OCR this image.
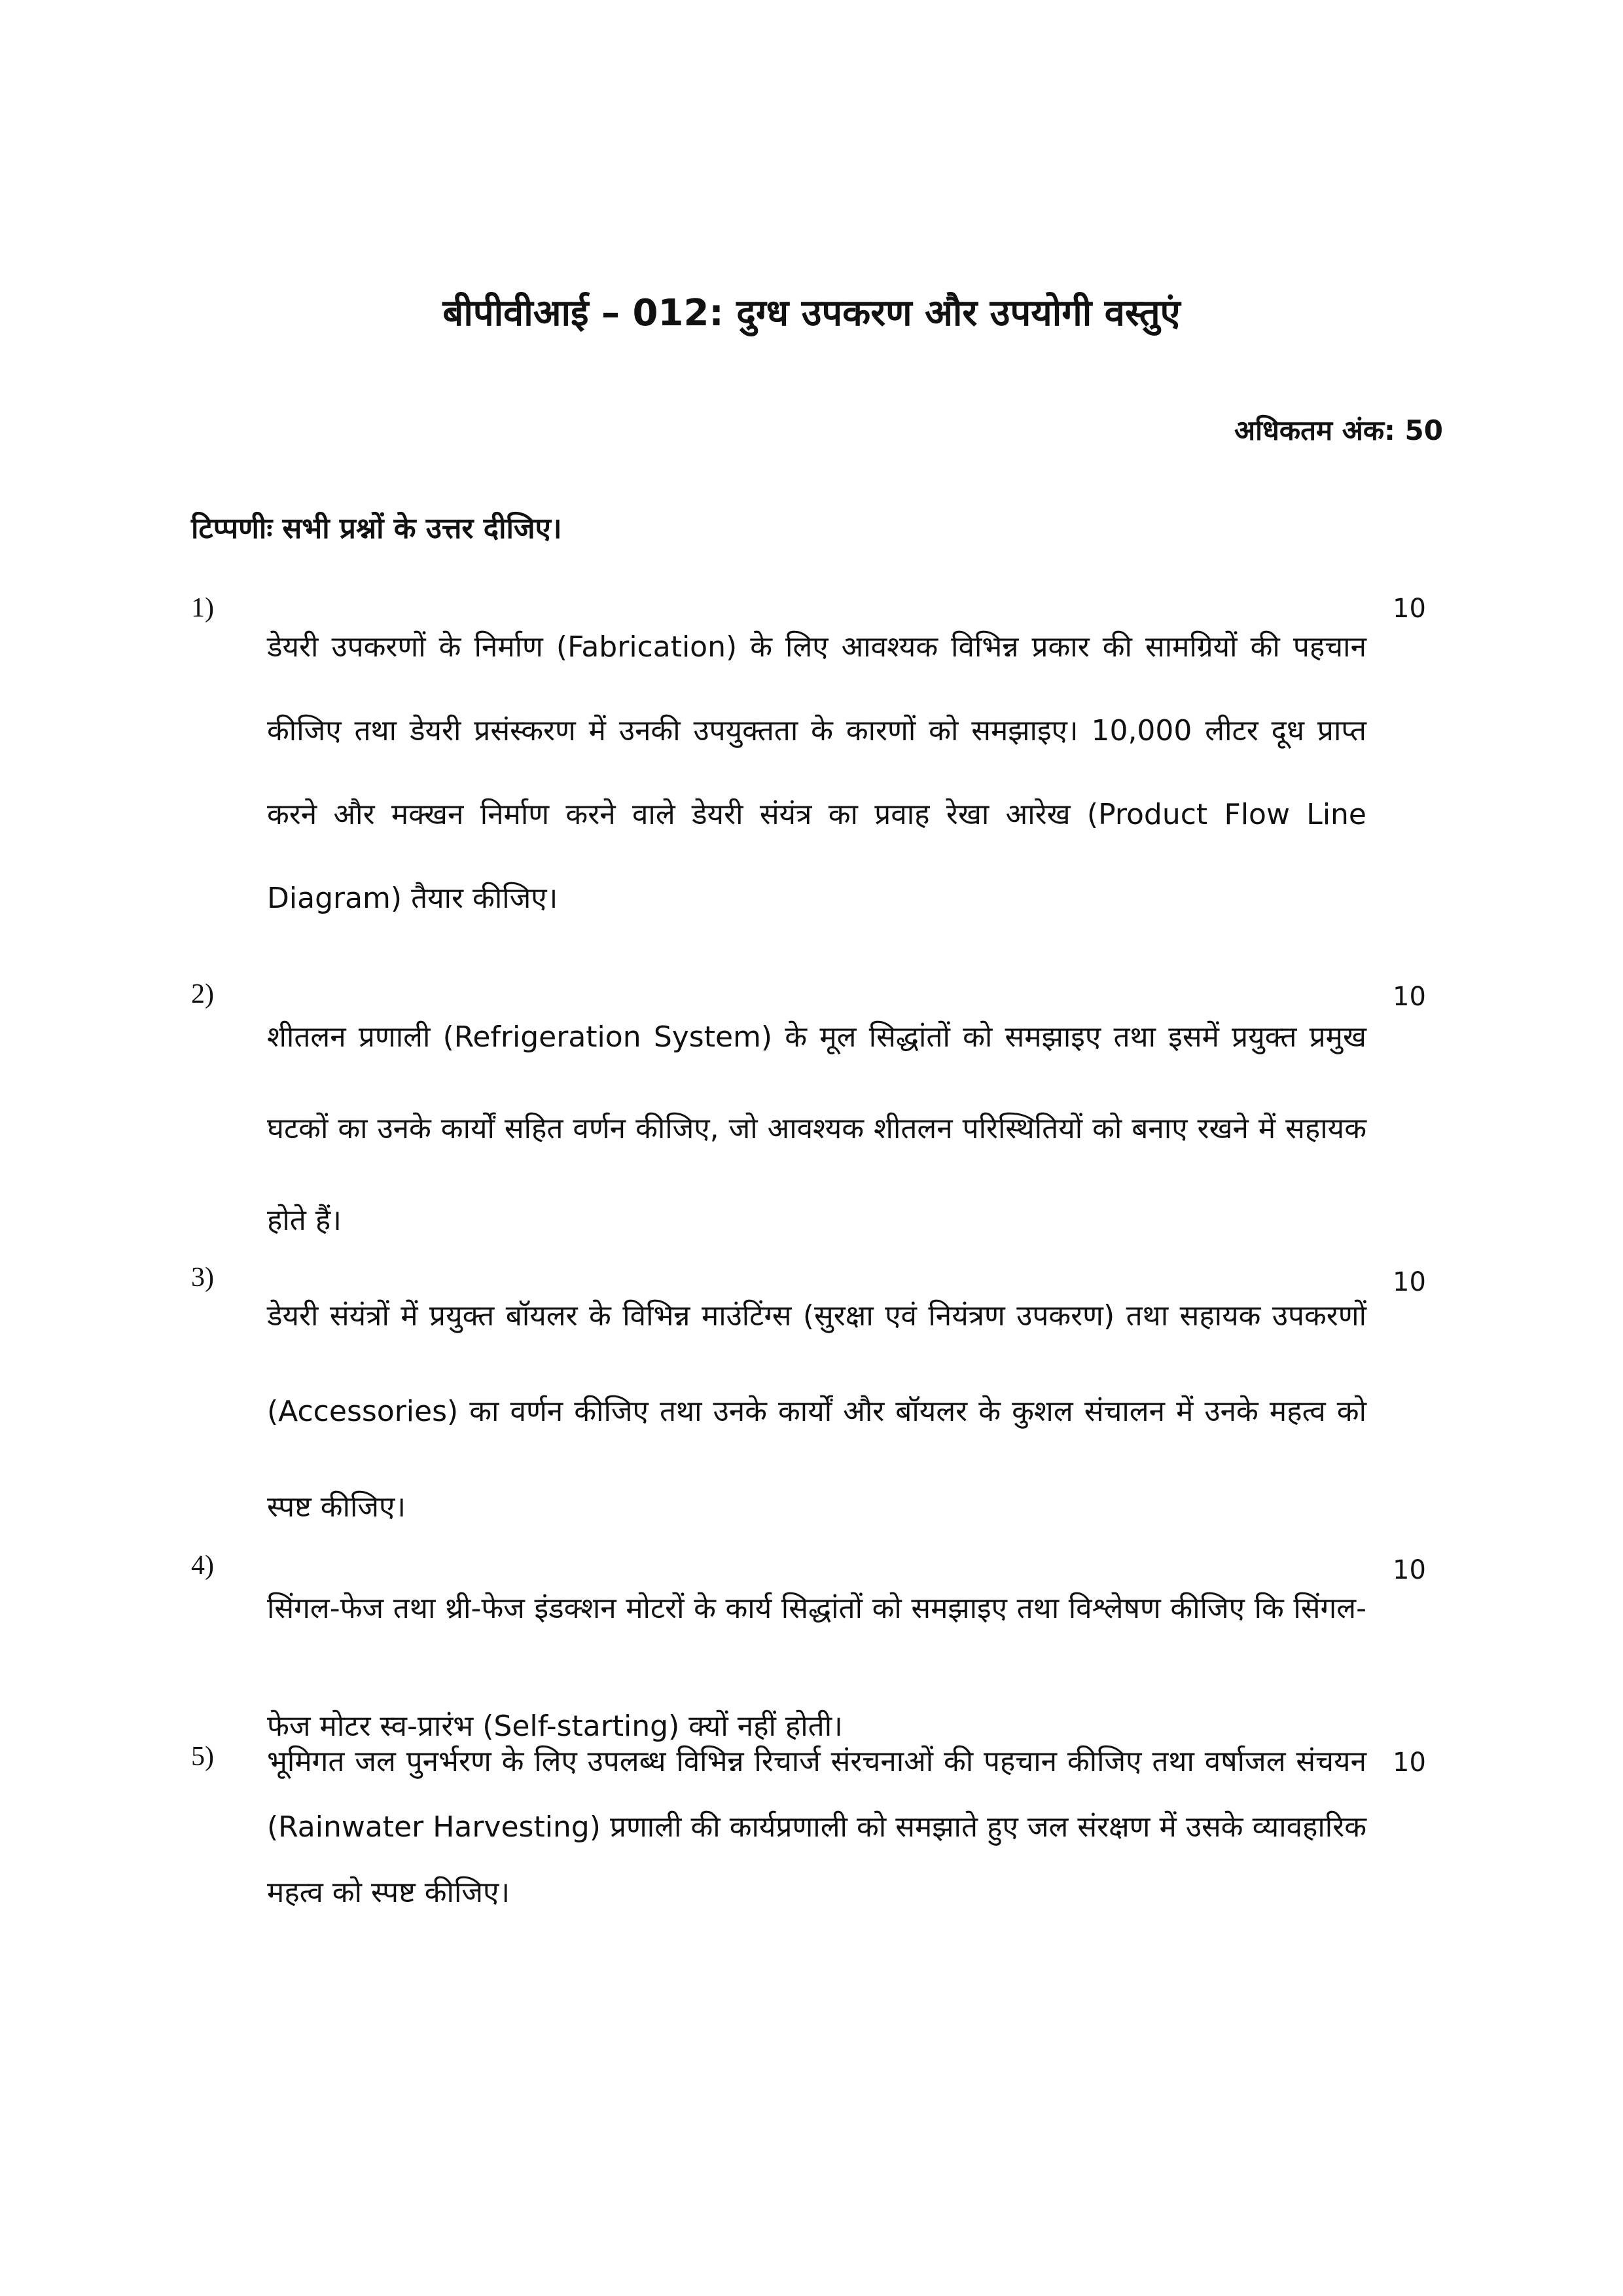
बीपीवीआई – 012: दुग्ध उपकरण और उपयोगी वस्तुएं
अधिकतम अंक: 50
टिप्पणीः सभी प्रश्नों के उत्तर दीजिए।
1)
डेयरी उपकरणों के निर्माण (Fabrication) के लिए आवश्यक विभिन्न प्रकार की सामग्रियों की पहचान कीजिए तथा डेयरी प्रसंस्करण में उनकी उपयुक्तता के कारणों को समझाइए। 10,000 लीटर दूध प्राप्त करने और मक्खन निर्माण करने वाले डेयरी संयंत्र का प्रवाह रेखा आरेख (Product Flow Line Diagram) तैयार कीजिए।
10
2)
शीतलन प्रणाली (Refrigeration System) के मूल सिद्धांतों को समझाइए तथा इसमें प्रयुक्त प्रमुख घटकों का उनके कार्यों सहित वर्णन कीजिए, जो आवश्यक शीतलन परिस्थितियों को बनाए रखने में सहायक होते हैं।
10
3)
डेयरी संयंत्रों में प्रयुक्त बॉयलर के विभिन्न माउंटिंग्स (सुरक्षा एवं नियंत्रण उपकरण) तथा सहायक उपकरणों (Accessories) का वर्णन कीजिए तथा उनके कार्यों और बॉयलर के कुशल संचालन में उनके महत्व को स्पष्ट कीजिए।
10
4)
सिंगल-फेज तथा थ्री-फेज इंडक्शन मोटरों के कार्य सिद्धांतों को समझाइए तथा विश्लेषण कीजिए कि सिंगल-फेज मोटर स्व-प्रारंभ (Self-starting) क्यों नहीं होती।
10
5) भूमिगत जल पुनर्भरण के लिए उपलब्ध विभिन्न रिचार्ज संरचनाओं की पहचान कीजिए तथा वर्षाजल संचयन (Rainwater Harvesting) प्रणाली की कार्यप्रणाली को समझाते हुए जल संरक्षण में उसके व्यावहारिक महत्व को स्पष्ट कीजिए।
10
